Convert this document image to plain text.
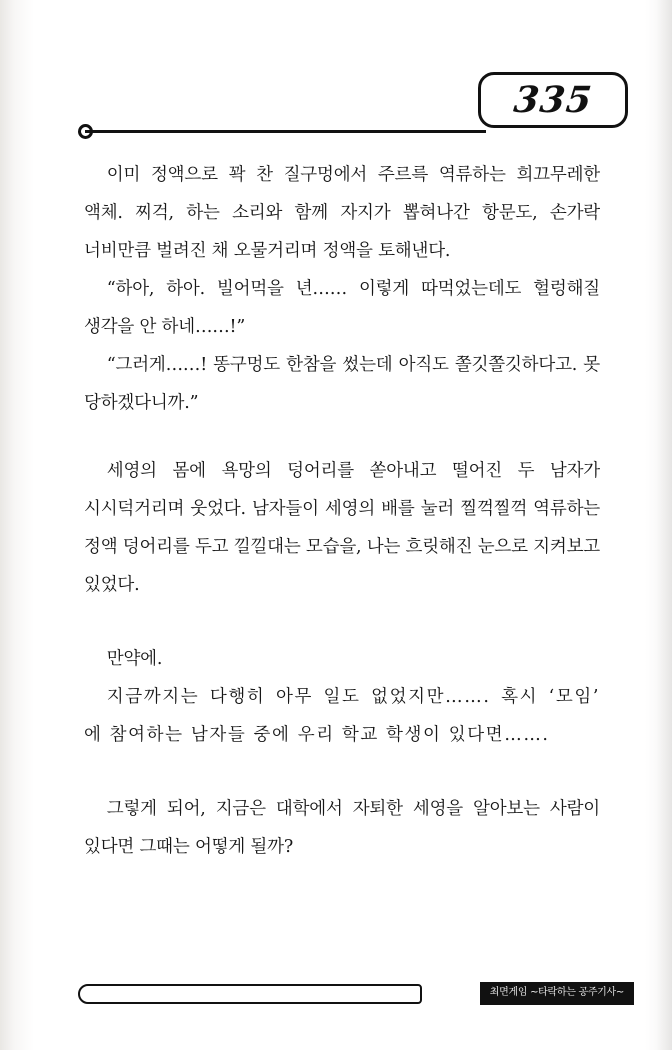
335

이미 정액으로 꽉 찬 질구멍에서 주르륵 역류하는 희끄무레한 액체. 찌걱, 하는 소리와 함께 자지가 뽑혀나간 항문도, 손가락 너비만큼 벌려진 채 오물거리며 정액을 토해낸다.

“하아, 하아. 빌어먹을 년…… 이렇게 따먹었는데도 헐렁해질 생각을 안 하네……!”

“그러게……! 똥구멍도 한참을 썼는데 아직도 쫄깃쫄깃하다고. 못 당하겠다니까.”

세영의 몸에 욕망의 덩어리를 쏟아내고 떨어진 두 남자가 시시덕거리며 웃었다. 남자들이 세영의 배를 눌러 찔꺽찔꺽 역류하는 정액 덩어리를 두고 낄낄대는 모습을, 나는 흐릿해진 눈으로 지켜보고 있었다.

만약에.

지금까지는 다행히 아무 일도 없었지만……. 혹시 ‘모임’ 에 참여하는 남자들 중에 우리 학교 학생이 있다면…….

그렇게 되어, 지금은 대학에서 자퇴한 세영을 알아보는 사람이 있다면 그때는 어떻게 될까?

최면게임 ~타락하는 공주기사~
